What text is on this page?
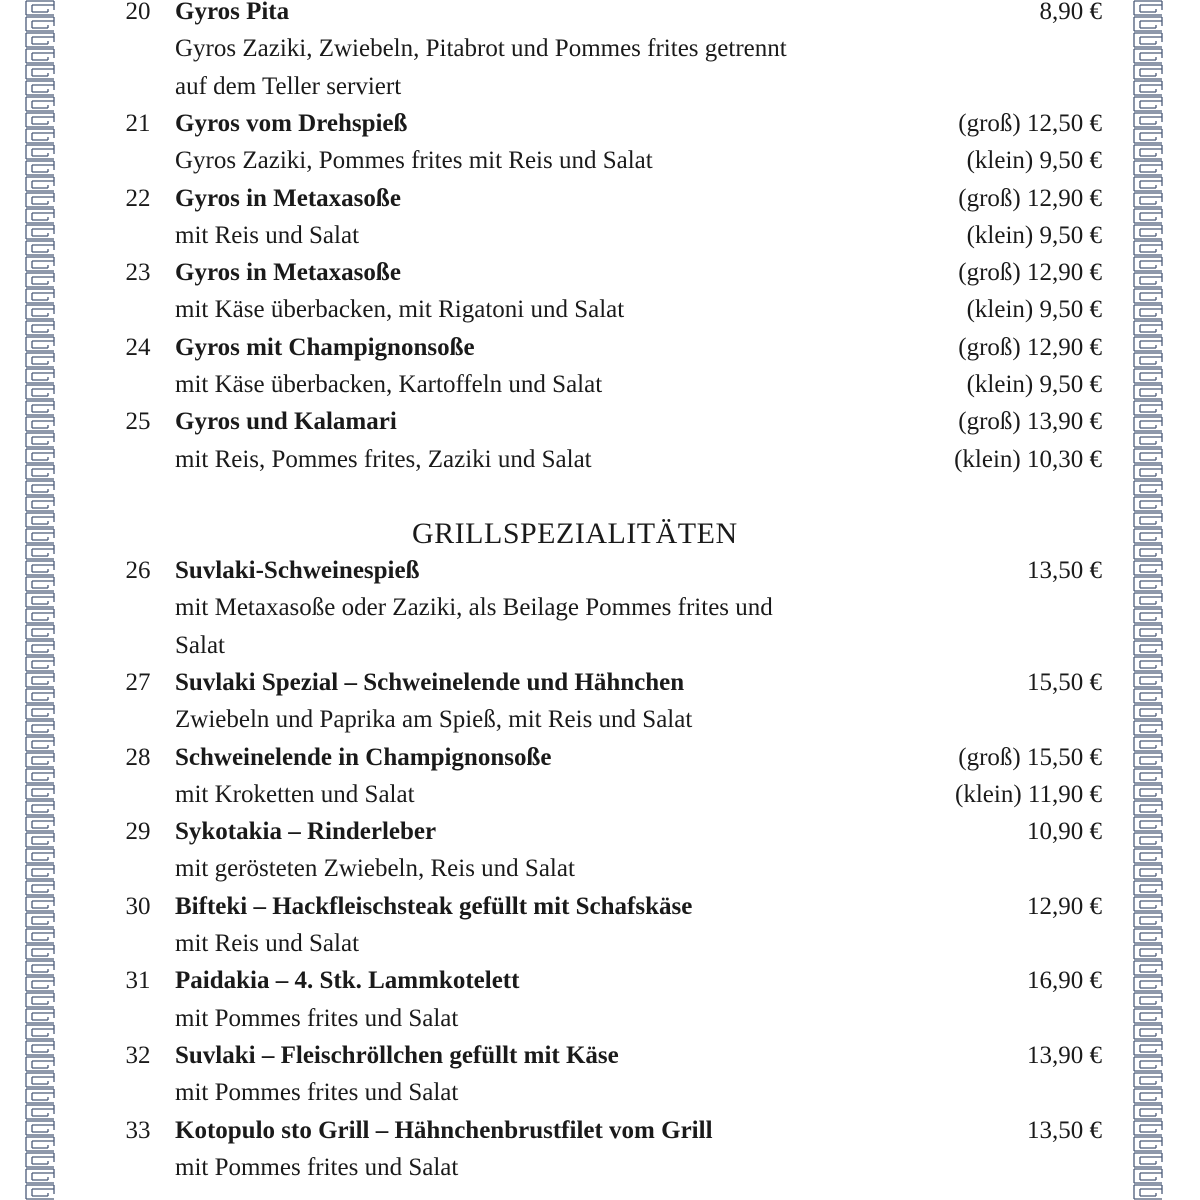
20 Gyros Pita	8,90 €
Gyros Zaziki, Zwiebeln, Pitabrot und Pommes frites getrennt
auf dem Teller serviert
21 Gyros vom Drehspieß	(groß) 12,50 €
Gyros Zaziki, Pommes frites mit Reis und Salat	(klein) 9,50 €
22 Gyros in Metaxasoße	(groß) 12,90 €
mit Reis und Salat	(klein) 9,50 €
23 Gyros in Metaxasoße	(groß) 12,90 €
mit Käse überbacken, mit Rigatoni und Salat	(klein) 9,50 €
24 Gyros mit Champignonsoße	(groß) 12,90 €
mit Käse überbacken, Kartoffeln und Salat	(klein) 9,50 €
25 Gyros und Kalamari	(groß) 13,90 €
mit Reis, Pommes frites, Zaziki und Salat	(klein) 10,30 €
GRILLSPEZIALITÄTEN
26 Suvlaki-Schweinespieß	13,50 €
mit Metaxasoße oder Zaziki, als Beilage Pommes frites und
Salat
27 Suvlaki Spezial – Schweinelende und Hähnchen	15,50 €
Zwiebeln und Paprika am Spieß, mit Reis und Salat
28 Schweinelende in Champignonsoße	(groß) 15,50 €
mit Kroketten und Salat	(klein) 11,90 €
29 Sykotakia – Rinderleber	10,90 €
mit gerösteten Zwiebeln, Reis und Salat
30 Bifteki – Hackfleischsteak gefüllt mit Schafskäse	12,90 €
mit Reis und Salat
31 Paidakia – 4. Stk. Lammkotelett	16,90 €
mit Pommes frites und Salat
32 Suvlaki – Fleischröllchen gefüllt mit Käse	13,90 €
mit Pommes frites und Salat
33 Kotopulo sto Grill – Hähnchenbrustfilet vom Grill	13,50 €
mit Pommes frites und Salat
